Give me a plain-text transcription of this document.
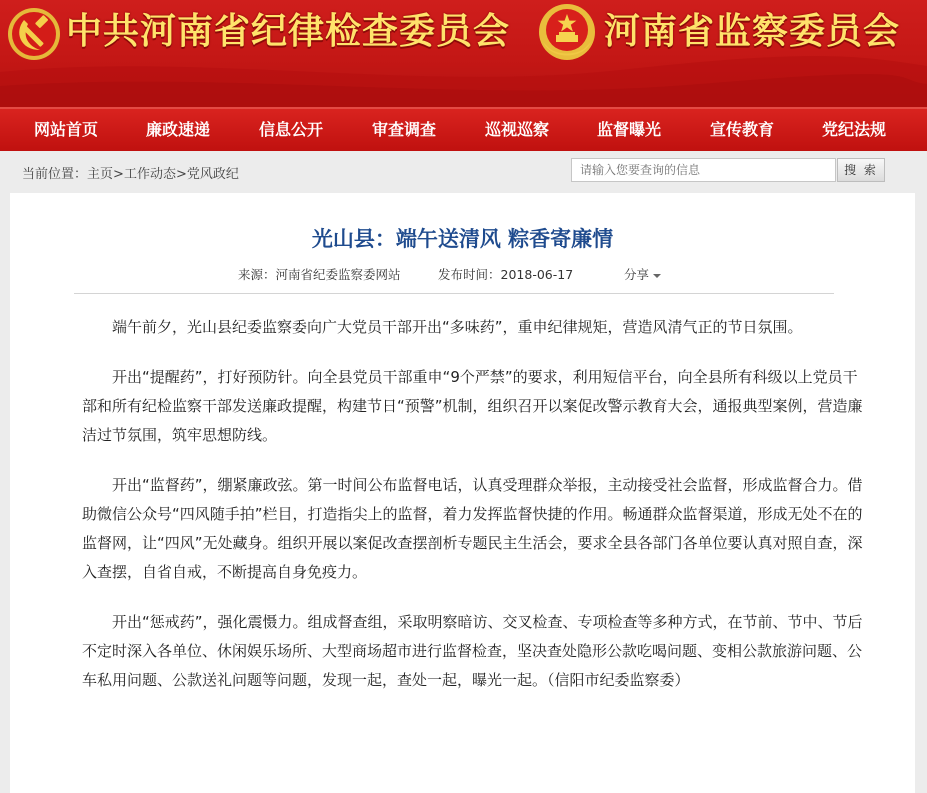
中共河南省纪律检查委员会	河南省监察委员会
网站首页	廉政速递	信息公开	审查调查	巡视巡察	监督曝光	宣传教育	党纪法规
当前位置：主页>工作动态>党风政纪
请输入您要查询的信息	搜 索
光山县：端午送清风 粽香寄廉情
来源：河南省纪委监察委网站	发布时间：2018-06-17	分享

端午前夕，光山县纪委监察委向广大党员干部开出“多味药”，重申纪律规矩，营造风清气正的节日氛围。

开出“提醒药”，打好预防针。向全县党员干部重申“9个严禁”的要求，利用短信平台，向全县所有科级以上党员干部和所有纪检监察干部发送廉政提醒，构建节日“预警”机制，组织召开以案促改警示教育大会，通报典型案例，营造廉洁过节氛围，筑牢思想防线。

开出“监督药”，绷紧廉政弦。第一时间公布监督电话，认真受理群众举报，主动接受社会监督，形成监督合力。借助微信公众号“四风随手拍”栏目，打造指尖上的监督，着力发挥监督快捷的作用。畅通群众监督渠道，形成无处不在的监督网，让“四风”无处藏身。组织开展以案促改查摆剖析专题民主生活会，要求全县各部门各单位要认真对照自查，深入查摆，自省自戒，不断提高自身免疫力。

开出“惩戒药”，强化震慑力。组成督查组，采取明察暗访、交叉检查、专项检查等多种方式，在节前、节中、节后不定时深入各单位、休闲娱乐场所、大型商场超市进行监督检查，坚决查处隐形公款吃喝问题、变相公款旅游问题、公车私用问题、公款送礼问题等问题，发现一起，查处一起，曝光一起。（信阳市纪委监察委）
